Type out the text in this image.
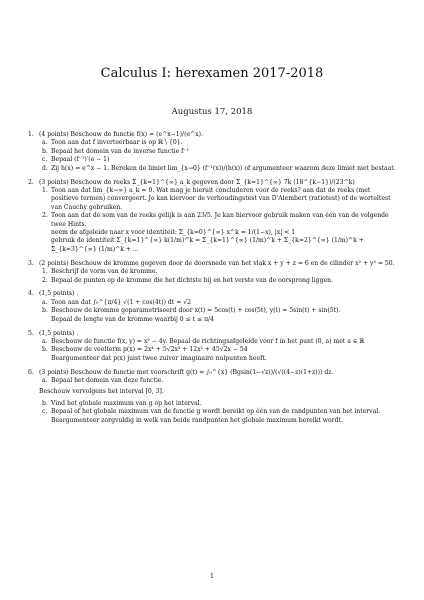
Calculus I: herexamen 2017-2018
Augustus 17, 2018
1. (4 points) Beschouw de functie f(x) = (e^x−1)/(e^x).
a. Toon aan dat f inverteerbaar is op ℝ \ {0}.
b. Bepaal het domein van de inverse functie f⁻¹
c. Bepaal (f⁻¹)′(e − 1)
d. Zij h(x) = e^x − 1. Bereken de limiet lim_{x→0} (f⁻¹(x))/(h(x)) of argumenteer waarom deze limiet niet bestaat.
2. (3 points) Beschouw de reeks Σ_{k=1}^{∞} a_k gegeven door Σ_{k=1}^{∞} 7k (18^{k−1})/(23^k)
1. Toon aan dat lim_{k→∞} a_k = 0. Wat mag je hieruit concluderen voor de reeks? aan dat de reeks (met positieve termen) convergeert. Je kan kiervoor de verhoudingstest van D'Alembert (ratiotest) of de worteltest van Cauchy gebruiken.
2. Toon aan dat de som van de reeks gelijk is aan 23/5. Je kan hiervoor gebruik maken van één van de volgende twee Hints.
neem de afgeleide naar x voor identiteit: Σ_{k=0}^{∞} x^k = 1/(1−x), |x| < 1
gebruik de identiteit Σ_{k=1}^{∞} k(1/m)^k = Σ_{k=1}^{∞} (1/m)^k + Σ_{k=2}^{∞} (1/m)^k + Σ_{k=3}^{∞} (1/m)^k + ...
3. (2 points) Beschouw de kromme gegeven door de doorsnede van het vlak x + y + z = 6 en de cilinder x² + y² = 50.
1. Beschrijf de vorm van de kromme.
2. Bepaal de punten op de kromme die het dichtste bij en het verste van de oorsprong liggen.
4. (1,5 points) .
a. Toon aan dat ∫₀^{π/4} √(1 + cos(4t)) dt = √2
b. Beschouw de kromme geparametriseerd door x(t) = 5cos(t) + cos(5t), y(t) = 5sin(t) + sin(5t).
Bepaal de lengte van de kromme waarbij 0 ≤ t ≤ π/4
5. (1,5 points) .
a. Beschouw de functie f(x, y) = x² − 4y. Bepaal de richtingsafgeleide voor f in het punt (0, a) met a ∈ ℝ
b. Beschouw de veelterm p(x) = 2x⁴ + 5√2x³ + 12x² + 45√2x − 54
Beargumenteer dat p(x) juist twee zuiver imaginaire nulpunten heeft.
6. (3 points) Beschouw de functie met voorschrift g(t) = ∫₀^{x} (Bgsin(1−√z))/(√((4−z)(1+z))) dz.
a. Bepaal het domein van deze functie.
Beschouw vervolgens het interval [0, 3].
b. Vind het globale maximum van g op het interval.
c. Bepaal of het globale maximum van de functie g wordt bereikt op één van de randpunten van het interval. Beargumenteer zorgvuldig in welk van beide randpunten het globale maximum bereikt wordt.
1
